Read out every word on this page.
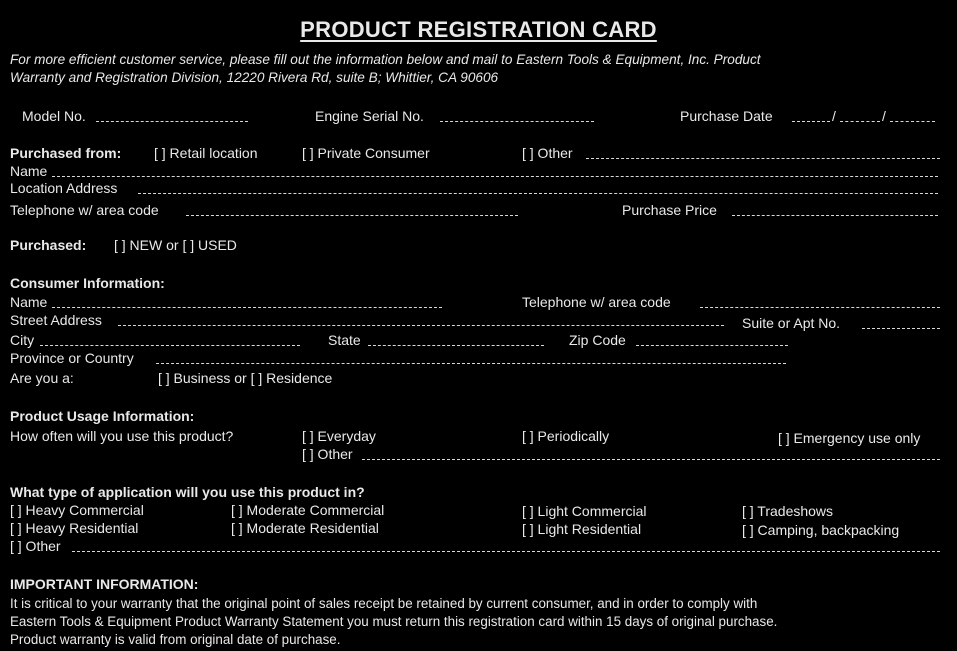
PRODUCT REGISTRATION CARD
For more efficient customer service, please fill out the information below and mail to Eastern Tools & Equipment, Inc. Product
Warranty and Registration Division, 12220 Rivera Rd, suite B; Whittier, CA 90606
Model No.	Engine Serial No.	Purchase Date	/	/
Purchased from: [ ] Retail location	[ ] Private Consumer	[ ] Other
Name
Location Address
Telephone w/ area code	Purchase Price
Purchased: [ ] NEW or [ ] USED
Consumer Information:
Name	Telephone w/ area code
Street Address	Suite or Apt No.
City	State	Zip Code
Province or Country
Are you a:	[ ] Business or [ ] Residence
Product Usage Information:
How often will you use this product?	[ ] Everyday	[ ] Periodically	[ ] Emergency use only
[ ] Other
What type of application will you use this product in?
[ ] Heavy Commercial	[ ] Moderate Commercial	[ ] Light Commercial	[ ] Tradeshows
[ ] Heavy Residential	[ ] Moderate Residential	[ ] Light Residential	[ ] Camping, backpacking
[ ] Other
IMPORTANT INFORMATION:
It is critical to your warranty that the original point of sales receipt be retained by current consumer, and in order to comply with
Eastern Tools & Equipment Product Warranty Statement you must return this registration card within 15 days of original purchase.
Product warranty is valid from original date of purchase.
